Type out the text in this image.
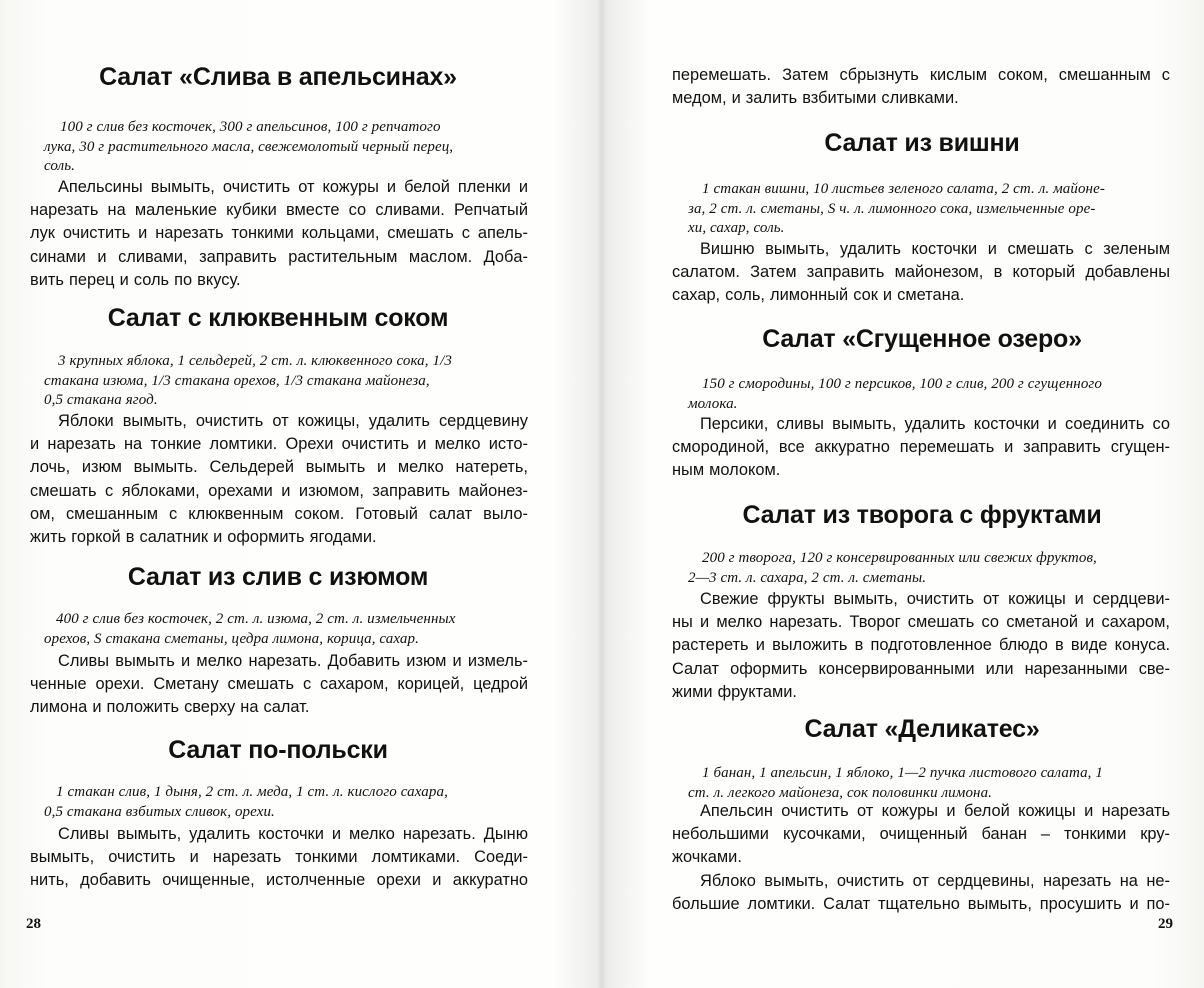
Салат «Слива в апельсинах»
100 г слив без косточек, 300 г апельсинов, 100 г репчатого
лука, 30 г растительного масла, свежемолотый черный перец,
соль.
Апельсины вымыть, очистить от кожуры и белой пленки и
нарезать на маленькие кубики вместе со сливами. Репчатый
лук очистить и нарезать тонкими кольцами, смешать с апель-
синами и сливами, заправить растительным маслом. Добa-
вить перец и соль по вкусу.
Салат с клюквенным соком
3 крупных яблока, 1 сельдерей, 2 ст. л. клюквенного сока, 1/3
стакана изюма, 1/3 стакана орехов, 1/3 стакана майонеза,
0,5 стакана ягод.
Яблоки вымыть, очистить от кожицы, удалить сердцевину
и нарезать на тонкие ломтики. Орехи очистить и мелко исто-
лочь, изюм вымыть. Сельдерей вымыть и мелко натереть,
смешать с яблоками, орехами и изюмом, заправить майонез-
ом, смешанным с клюквенным соком. Готовый салат выло-
жить горкой в салатник и оформить ягодами.
Салат из слив с изюмом
400 г слив без косточек, 2 ст. л. изюма, 2 ст. л. измельченных
орехов, S стакана сметаны, цедра лимона, корица, сахар.
Сливы вымыть и мелко нарезать. Добавить изюм и измель-
ченные орехи. Сметану смешать с сахаром, корицей, цедрой
лимона и положить сверху на салат.
Салат по-польски
1 стакан слив, 1 дыня, 2 ст. л. меда, 1 ст. л. кислого сахара,
0,5 стакана взбитых сливок, орехи.
Сливы вымыть, удалить косточки и мелко нарезать. Дыню
вымыть, очистить и нарезать тонкими ломтиками. Соеди-
нить, добавить очищенные, истолченные орехи и аккуратно
28
перемешать. Затем сбрызнуть кислым соком, смешанным с
медом, и залить взбитыми сливками.
Салат из вишни
1 стакан вишни, 10 листьев зеленого салата, 2 ст. л. майоне-
за, 2 ст. л. сметаны, S ч. л. лимонного сока, измельченные оре-
хи, сахар, соль.
Вишню вымыть, удалить косточки и смешать с зеленым
салатом. Затем заправить майонезом, в который добавлены
сахар, соль, лимонный сок и сметана.
Салат «Сгущенное озеро»
150 г смородины, 100 г персиков, 100 г слив, 200 г сгущенного
молока.
Персики, сливы вымыть, удалить косточки и соединить со
смородиной, все аккуратно перемешать и заправить сгущен-
ным молоком.
Салат из творога с фруктами
200 г творога, 120 г консервированных или свежих фруктов,
2—3 ст. л. сахара, 2 ст. л. сметаны.
Свежие фрукты вымыть, очистить от кожицы и сердцеви-
ны и мелко нарезать. Творог смешать со сметаной и сахаром,
растереть и выложить в подготовленное блюдо в виде конуса.
Салат оформить консервированными или нарезанными све-
жими фруктами.
Салат «Деликатес»
1 банан, 1 апельсин, 1 яблоко, 1—2 пучка листового салата, 1
ст. л. легкого майонеза, сок половинки лимона.
Апельсин очистить от кожуры и белой кожицы и нарезать
небольшими кусочками, очищенный банан – тонкими кру-
жочками.
Яблоко вымыть, очистить от сердцевины, нарезать на не-
большие ломтики. Салат тщательно вымыть, просушить и по-
29
